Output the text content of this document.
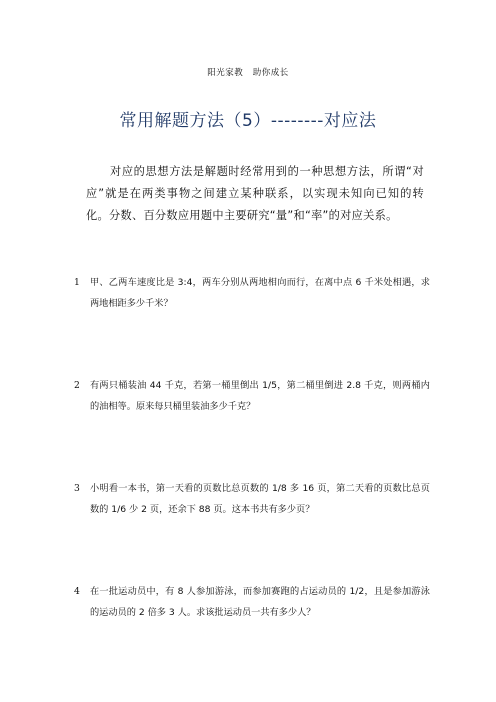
阳光家教   助你成长
常用解题方法（5）--------对应法
对应的思想方法是解题时经常用到的一种思想方法，所谓“对应”就是在两类事物之间建立某种联系，以实现未知向已知的转化。分数、百分数应用题中主要研究“量”和“率”的对应关系。
1 甲、乙两车速度比是 3:4，两车分别从两地相向而行，在离中点 6 千米处相遇，求两地相距多少千米？
2 有两只桶装油 44 千克，若第一桶里倒出 1/5，第二桶里倒进 2.8 千克，则两桶内的油相等。原来每只桶里装油多少千克？
3 小明看一本书，第一天看的页数比总页数的 1/8 多 16 页，第二天看的页数比总页数的 1/6 少 2 页，还余下 88 页。这本书共有多少页？
4 在一批运动员中，有 8 人参加游泳，而参加赛跑的占运动员的 1/2，且是参加游泳的运动员的 2 倍多 3 人。求该批运动员一共有多少人？
